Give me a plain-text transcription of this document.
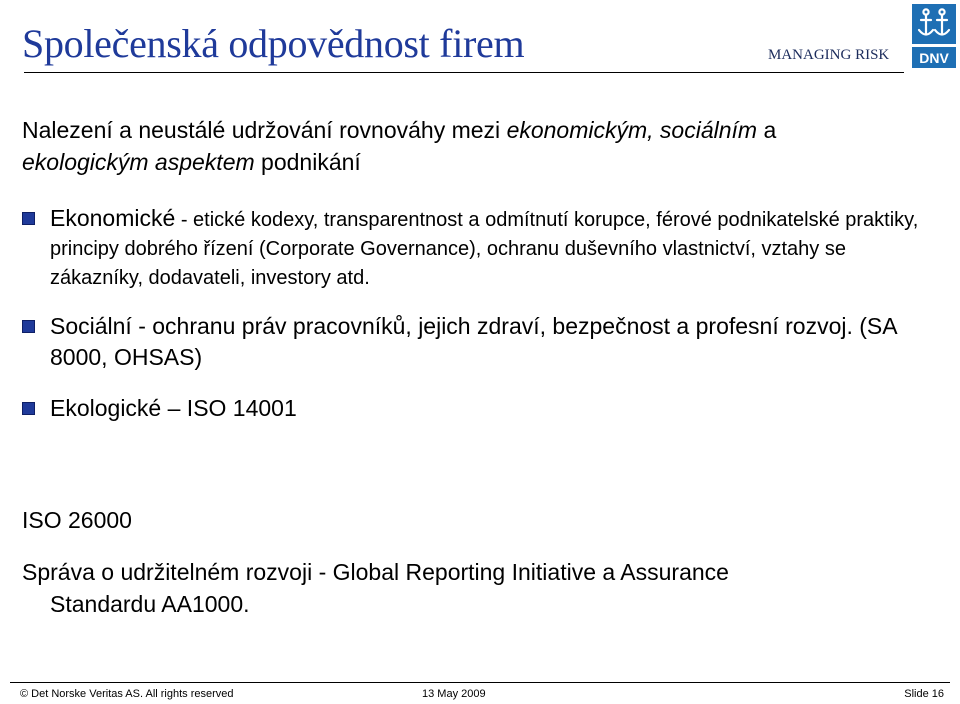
Společenská odpovědnost firem	MANAGING RISK DNV
Nalezení a neustálé udržování rovnováhy mezi ekonomickým, sociálním a
ekologickým aspektem podnikání
Ekonomické - etické kodexy, transparentnost a odmítnutí korupce, férové podnikatelské praktiky, principy dobrého řízení (Corporate Governance), ochranu duševního vlastnictví, vztahy se zákazníky, dodavateli, investory atd.
Sociální - ochranu práv pracovníků, jejich zdraví, bezpečnost a profesní rozvoj. (SA 8000, OHSAS)
Ekologické – ISO 14001
ISO 26000
Správa o udržitelném rozvoji - Global Reporting Initiative a Assurance
Standardu AA1000.
© Det Norske Veritas AS. All rights reserved	13 May 2009	Slide 16
